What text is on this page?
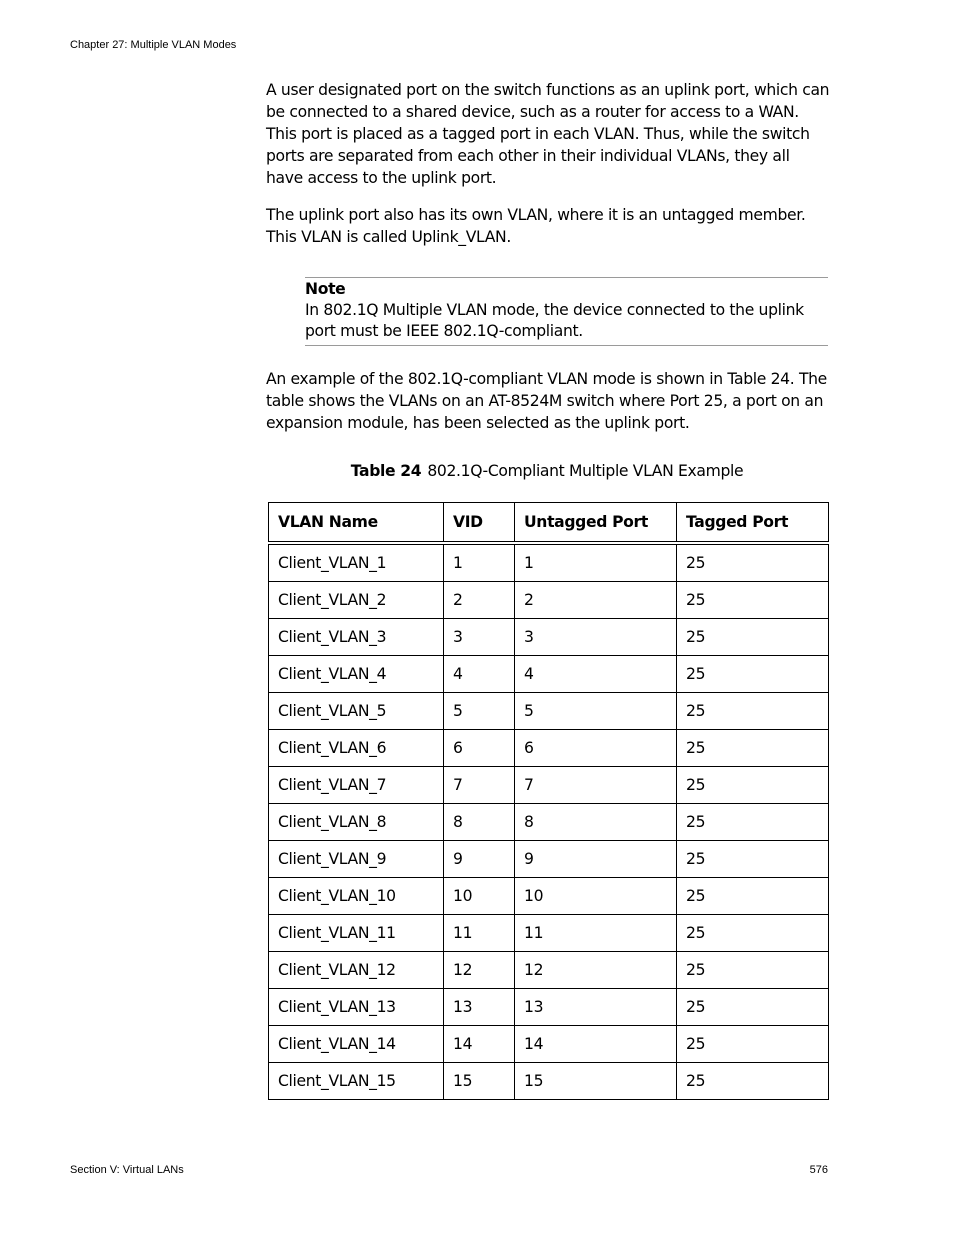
Chapter 27: Multiple VLAN Modes

A user designated port on the switch functions as an uplink port, which can be connected to a shared device, such as a router for access to a WAN. This port is placed as a tagged port in each VLAN. Thus, while the switch ports are separated from each other in their individual VLANs, they all have access to the uplink port.

The uplink port also has its own VLAN, where it is an untagged member. This VLAN is called Uplink_VLAN.

Note
In 802.1Q Multiple VLAN mode, the device connected to the uplink port must be IEEE 802.1Q-compliant.

An example of the 802.1Q-compliant VLAN mode is shown in Table 24. The table shows the VLANs on an AT-8524M switch where Port 25, a port on an expansion module, has been selected as the uplink port.

Table 24 802.1Q-Compliant Multiple VLAN Example
VLAN Name	VID	Untagged Port	Tagged Port
Client_VLAN_1	1	1	25
Client_VLAN_2	2	2	25
Client_VLAN_3	3	3	25
Client_VLAN_4	4	4	25
Client_VLAN_5	5	5	25
Client_VLAN_6	6	6	25
Client_VLAN_7	7	7	25
Client_VLAN_8	8	8	25
Client_VLAN_9	9	9	25
Client_VLAN_10	10	10	25
Client_VLAN_11	11	11	25
Client_VLAN_12	12	12	25
Client_VLAN_13	13	13	25
Client_VLAN_14	14	14	25
Client_VLAN_15	15	15	25
Section V: Virtual LANs	576
